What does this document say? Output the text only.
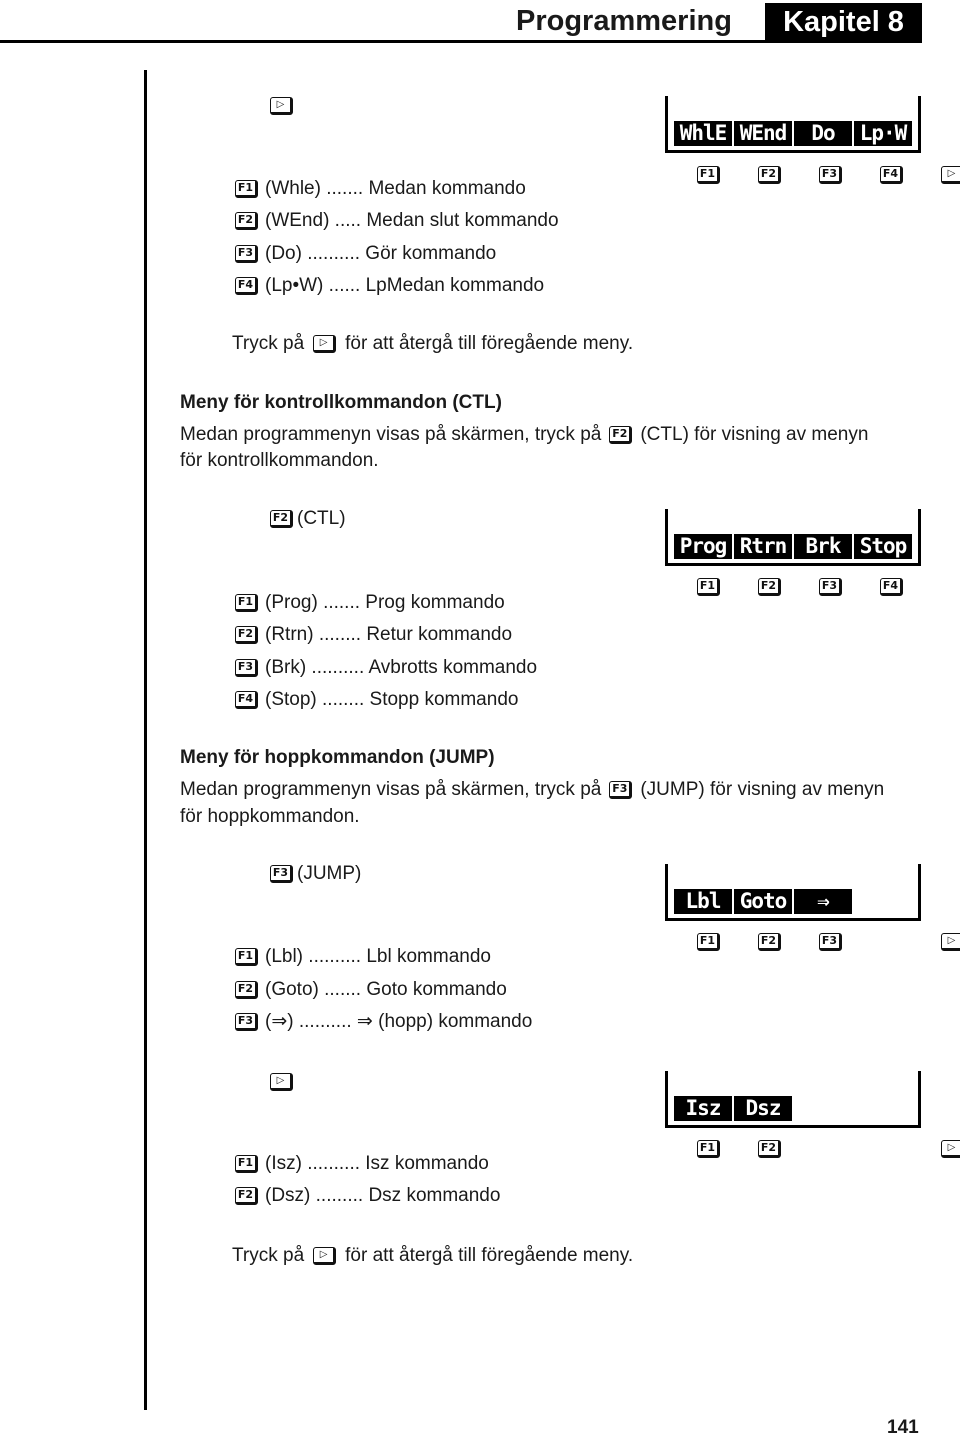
Programmering	Kapitel 8
▷
WhlE WEnd	Do	Lp·W
F1	F2	F3	F4	▷
F1 (Whle) ....... Medan kommando
F2 (WEnd) ..... Medan slut kommando
F3 (Do) .......... Gör kommando
F4 (Lp•W) ...... LpMedan kommando
Tryck på	▷ för att återgå till föregående meny.
Meny för kontrollkommandon (CTL)
Medan programmenyn visas på skärmen, tryck på F2 (CTL) för visning av menyn
för kontrollkommandon.
F2 (CTL)
Prog Rtrn Brk Stop
F1	F2	F3	F4
F1 (Prog) ....... Prog kommando
F2 (Rtrn) ........ Retur kommando
F3 (Brk) .......... Avbrotts kommando
F4 (Stop) ........ Stopp kommando
Meny för hoppkommandon (JUMP)
Medan programmenyn visas på skärmen, tryck på F3 (JUMP) för visning av menyn
för hoppkommandon.
F3 (JUMP)
Lbl Goto	⇒
F1	F2	F3	▷
F1 (Lbl) .......... Lbl kommando
F2 (Goto) ....... Goto kommando
F3 (⇒) .......... ⇒ (hopp) kommando
▷
Isz	Dsz
F1	F2	▷
F1 (Isz) .......... Isz kommando
F2 (Dsz) ......... Dsz kommando
Tryck på	▷ för att återgå till föregående meny.
141
